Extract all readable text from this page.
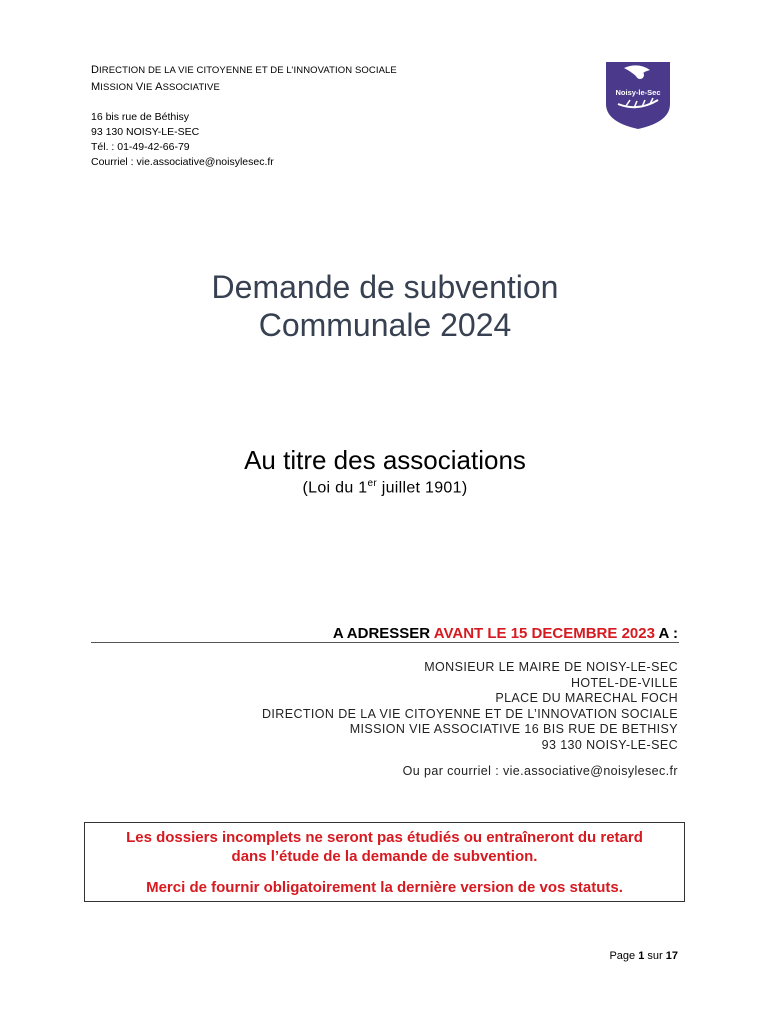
DIRECTION DE LA VIE CITOYENNE ET DE L’INNOVATION SOCIALE
MISSION VIE ASSOCIATIVE
16 bis rue de Béthisy
93 130 NOISY-LE-SEC
Tél. : 01-49-42-66-79
Courriel : vie.associative@noisylesec.fr
Noisy-le-Sec
Demande de subvention
Communale 2024
Au titre des associations
(Loi du 1er juillet 1901)
A ADRESSER AVANT LE 15 DECEMBRE 2023 A :
MONSIEUR LE MAIRE DE NOISY-LE-SEC
HOTEL-DE-VILLE
PLACE DU MARECHAL FOCH
DIRECTION DE LA VIE CITOYENNE ET DE L’INNOVATION SOCIALE
MISSION VIE ASSOCIATIVE 16 BIS RUE DE BETHISY
93 130 NOISY-LE-SEC
Ou par courriel : vie.associative@noisylesec.fr
Les dossiers incomplets ne seront pas étudiés ou entraîneront du retard
dans l’étude de la demande de subvention.
Merci de fournir obligatoirement la dernière version de vos statuts.
Page 1 sur 17
